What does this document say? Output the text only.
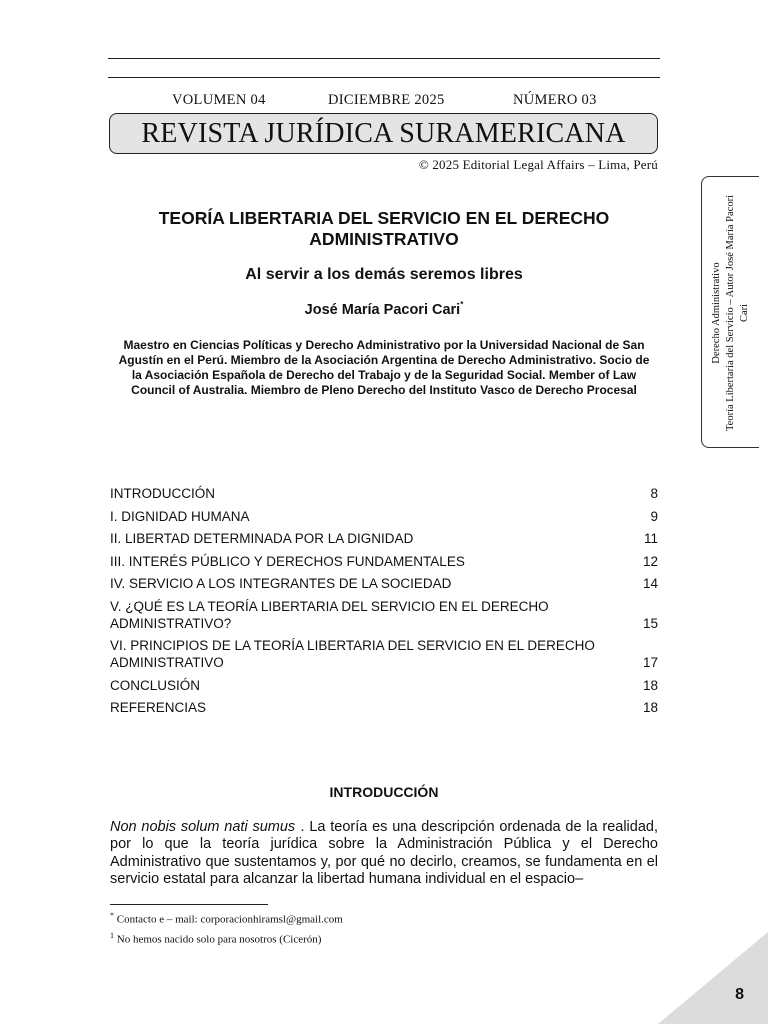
VOLUMEN 04	DICIEMBRE 2025	NÚMERO 03
REVISTA JURÍDICA SURAMERICANA
© 2025 Editorial Legal Affairs – Lima, Perú
Derecho Administrativo Teoría Libertaria del Servicio – Autor José María Pacori Cari
TEORÍA LIBERTARIA DEL SERVICIO EN EL DERECHO ADMINISTRATIVO
Al servir a los demás seremos libres
José María Pacori Cari*
Maestro en Ciencias Políticas y Derecho Administrativo por la Universidad Nacional de San Agustín en el Perú. Miembro de la Asociación Argentina de Derecho Administrativo. Socio de la Asociación Española de Derecho del Trabajo y de la Seguridad Social. Member of Law Council of Australia. Miembro de Pleno Derecho del Instituto Vasco de Derecho Procesal
INTRODUCCIÓN	8
I. DIGNIDAD HUMANA	9
II. LIBERTAD DETERMINADA POR LA DIGNIDAD	11
III. INTERÉS PÚBLICO Y DERECHOS FUNDAMENTALES	12
IV. SERVICIO A LOS INTEGRANTES DE LA SOCIEDAD	14
V. ¿QUÉ ES LA TEORÍA LIBERTARIA DEL SERVICIO EN EL DERECHO ADMINISTRATIVO?	15
VI. PRINCIPIOS DE LA TEORÍA LIBERTARIA DEL SERVICIO EN EL DERECHO ADMINISTRATIVO	17
CONCLUSIÓN	18
REFERENCIAS	18
INTRODUCCIÓN

Non nobis solum nati sumus . La teoría es una descripción ordenada de la realidad, por lo que la teoría jurídica sobre la Administración Pública y el Derecho Administrativo que sustentamos y, por qué no decirlo, creamos, se fundamenta en el servicio estatal para alcanzar la libertad humana individual en el espacio–

* Contacto e – mail: corporacionhiramsl@gmail.com
$^1$ No hemos nacido solo para nosotros (Cicerón)
8
